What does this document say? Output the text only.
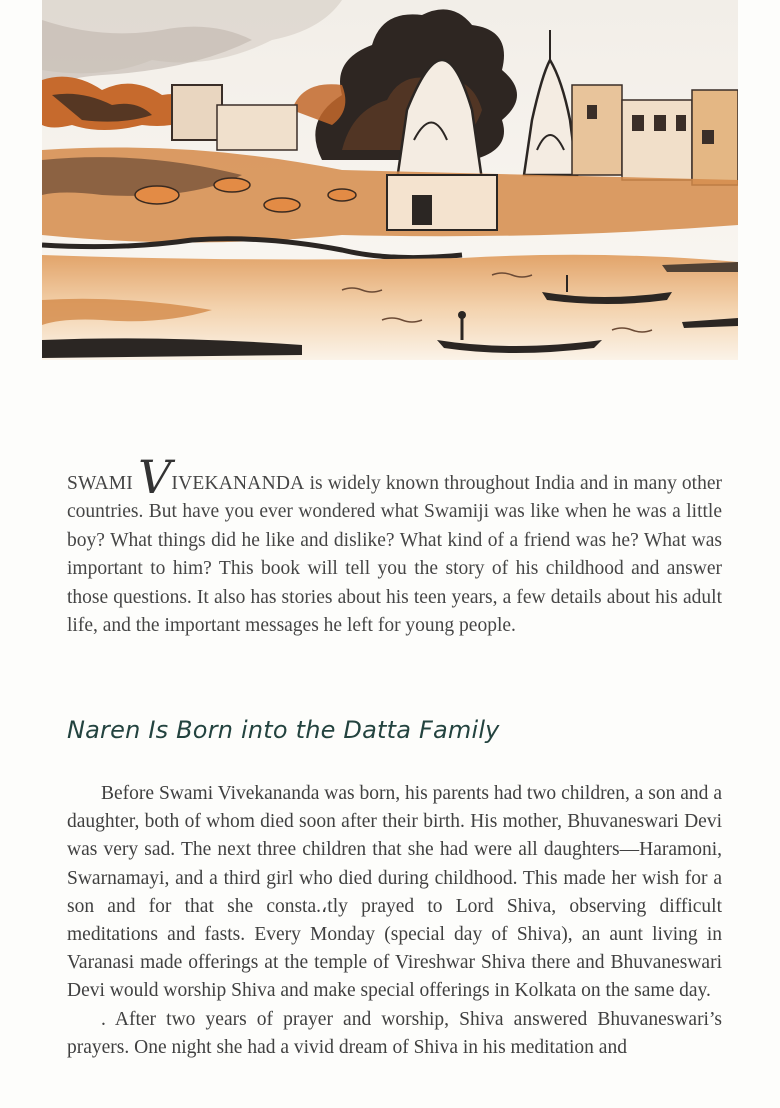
SWAMI VIVEKANANDA is widely known throughout India and in many other countries. But have you ever wondered what Swamiji was like when he was a little boy? What things did he like and dislike? What kind of a friend was he? What was important to him? This book will tell you the story of his childhood and answer those questions. It also has stories about his teen years, a few details about his adult life, and the important messages he left for young people.

Naren Is Born into the Datta Family

Before Swami Vivekananda was born, his parents had two children, a son and a daughter, both of whom died soon after their birth. His mother, Bhuvaneswari Devi was very sad. The next three children that she had were all daughters—Haramoni, Swarnamayi, and a third girl who died during childhood. This made her wish for a son and for that she consta.،tly prayed to Lord Shiva, observing difficult meditations and fasts. Every Monday (special day of Shiva), an aunt living in Varanasi made offerings at the temple of Vireshwar Shiva there and Bhuvaneswari Devi would worship Shiva and make special offerings in Kolkata on the same day.

. After two years of prayer and worship, Shiva answered Bhuvaneswari’s prayers. One night she had a vivid dream of Shiva in his meditation and
